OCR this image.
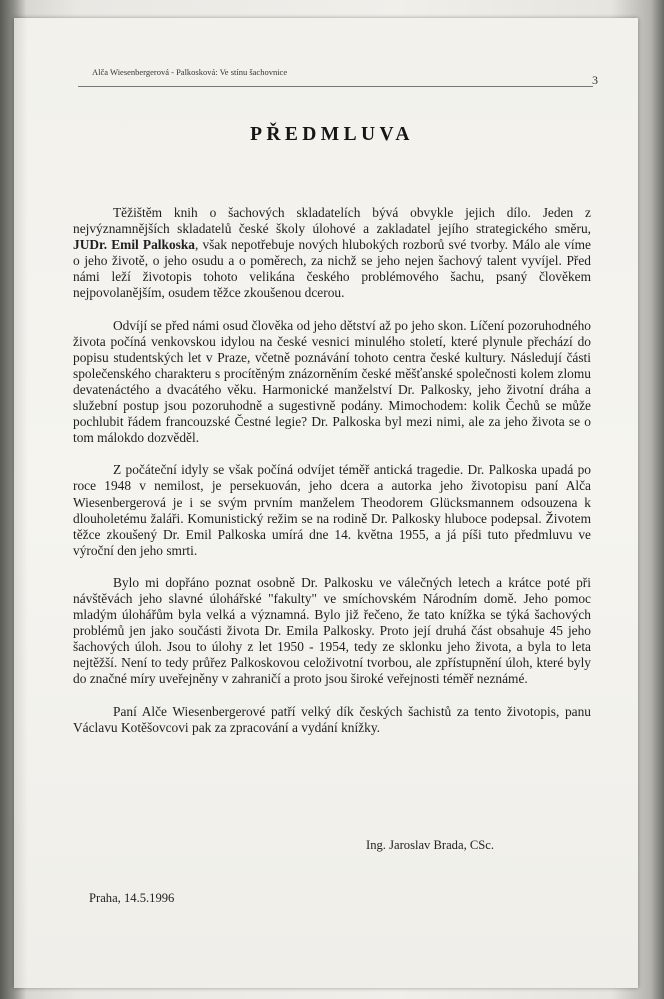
Alča Wiesenbergerová - Palkosková: Ve stínu šachovnice
3
PŘEDMLUVA

Těžištěm knih o šachových skladatelích bývá obvykle jejich dílo. Jeden z nejvýznamnějších skladatelů české školy úlohové a zakladatel jejího strategického směru, JUDr. Emil Palkoska, však nepotřebuje nových hlubokých rozborů své tvorby. Málo ale víme o jeho životě, o jeho osudu a o poměrech, za nichž se jeho nejen šachový talent vyvíjel. Před námi leží životopis tohoto velikána českého problémového šachu, psaný člověkem nejpovolanějším, osudem těžce zkoušenou dcerou.

Odvíjí se před námi osud člověka od jeho dětství až po jeho skon. Líčení pozoruhodného života počíná venkovskou idylou na české vesnici minulého století, které plynule přechází do popisu studentských let v Praze, včetně poznávání tohoto centra české kultury. Následují části společenského charakteru s procítěným znázorněním české měšťanské společnosti kolem zlomu devatenáctého a dvacátého věku. Harmonické manželství Dr. Palkosky, jeho životní dráha a služební postup jsou pozoruhodně a sugestivně podány. Mimochodem: kolik Čechů se může pochlubit řádem francouzské Čestné legie? Dr. Palkoska byl mezi nimi, ale za jeho života se o tom málokdo dozvěděl.

Z počáteční idyly se však počíná odvíjet téměř antická tragedie. Dr. Palkoska upadá po roce 1948 v nemilost, je persekuován, jeho dcera a autorka jeho životopisu paní Alča Wiesenbergerová je i se svým prvním manželem Theodorem Glücksmannem odsouzena k dlouholetému žaláři. Komunistický režim se na rodině Dr. Palkosky hluboce podepsal. Životem těžce zkoušený Dr. Emil Palkoska umírá dne 14. května 1955, a já píši tuto předmluvu ve výroční den jeho smrti.

Bylo mi dopřáno poznat osobně Dr. Palkosku ve válečných letech a krátce poté při návštěvách jeho slavné úlohářské "fakulty" ve smíchovském Národním domě. Jeho pomoc mladým úlohářům byla velká a významná. Bylo již řečeno, že tato knížka se týká šachových problémů jen jako součásti života Dr. Emila Palkosky. Proto její druhá část obsahuje 45 jeho šachových úloh. Jsou to úlohy z let 1950 - 1954, tedy ze sklonku jeho života, a byla to leta nejtěžší. Není to tedy průřez Palkoskovou celoživotní tvorbou, ale zpřístupnění úloh, které byly do značné míry uveřejněny v zahraničí a proto jsou široké veřejnosti téměř neznámé.

Paní Alče Wiesenbergerové patří velký dík českých šachistů za tento životopis, panu Václavu Kotěšovcovi pak za zpracování a vydání knížky.

Ing. Jaroslav Brada, CSc.
Praha, 14.5.1996
